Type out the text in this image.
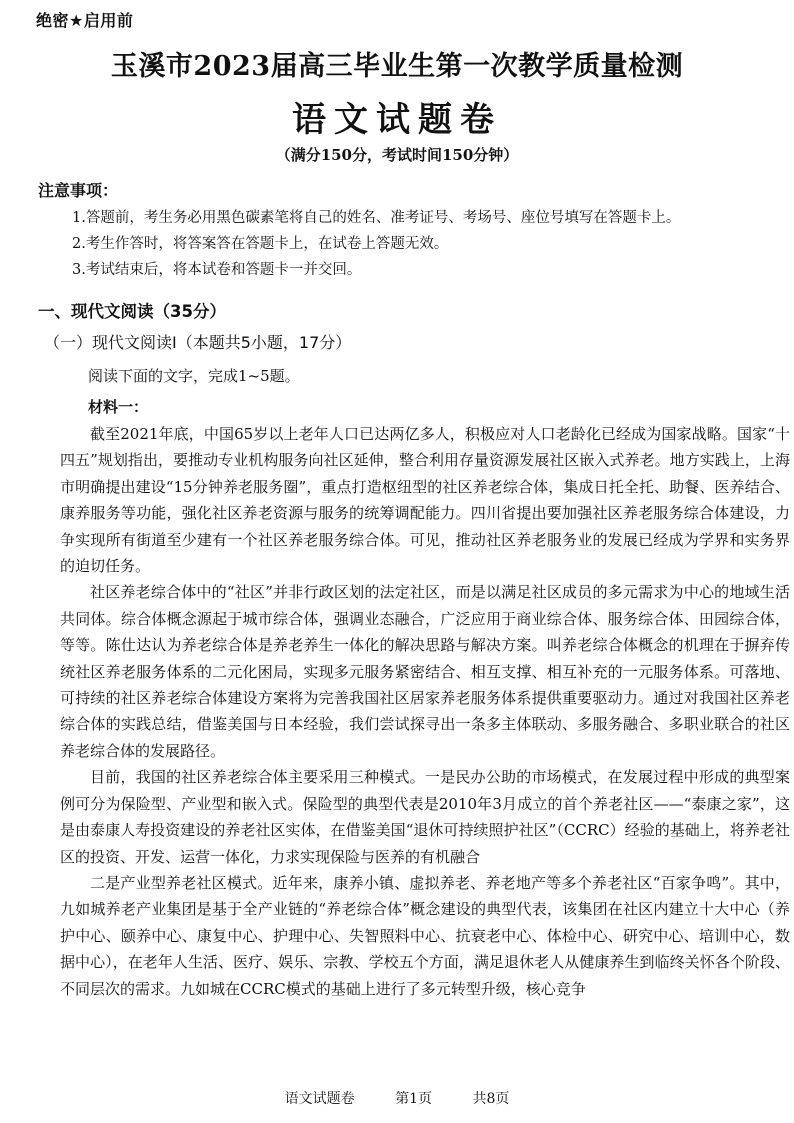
绝密★启用前
玉溪市2023届高三毕业生第一次教学质量检测
语文试题卷
（满分150分，考试时间150分钟）
注意事项：
1.答题前，考生务必用黑色碳素笔将自己的姓名、准考证号、考场号、座位号填写在答题卡上。
2.考生作答时，将答案答在答题卡上，在试卷上答题无效。
3.考试结束后，将本试卷和答题卡一并交回。
一、现代文阅读（35分）
（一）现代文阅读Ⅰ（本题共5小题，17分）
阅读下面的文字，完成1~5题。
材料一：

截至2021年底，中国65岁以上老年人口已达两亿多人，积极应对人口老龄化已经成为国家战略。国家“十四五”规划指出，要推动专业机构服务向社区延伸，整合利用存量资源发展社区嵌入式养老。地方实践上，上海市明确提出建设“15分钟养老服务圈”，重点打造枢纽型的社区养老综合体，集成日托全托、助餐、医养结合、康养服务等功能，强化社区养老资源与服务的统筹调配能力。四川省提出要加强社区养老服务综合体建设，力争实现所有街道至少建有一个社区养老服务综合体。可见，推动社区养老服务业的发展已经成为学界和实务界的迫切任务。

社区养老综合体中的“社区”并非行政区划的法定社区，而是以满足社区成员的多元需求为中心的地域生活共同体。综合体概念源起于城市综合体，强调业态融合，广泛应用于商业综合体、服务综合体、田园综合体，等等。陈仕达认为养老综合体是养老养生一体化的解决思路与解决方案。叫养老综合体概念的机理在于摒弃传统社区养老服务体系的二元化困局，实现多元服务紧密结合、相互支撑、相互补充的一元服务体系。可落地、可持续的社区养老综合体建设方案将为完善我国社区居家养老服务体系提供重要驱动力。通过对我国社区养老综合体的实践总结，借鉴美国与日本经验，我们尝试探寻出一条多主体联动、多服务融合、多职业联合的社区养老综合体的发展路径。

目前，我国的社区养老综合体主要采用三种模式。一是民办公助的市场模式，在发展过程中形成的典型案例可分为保险型、产业型和嵌入式。保险型的典型代表是2010年3月成立的首个养老社区——“泰康之家”，这是由泰康人寿投资建设的养老社区实体，在借鉴美国“退休可持续照护社区”（CCRC）经验的基础上，将养老社区的投资、开发、运营一体化，力求实现保险与医养的有机融合

二是产业型养老社区模式。近年来，康养小镇、虚拟养老、养老地产等多个养老社区“百家争鸣”。其中，九如城养老产业集团是基于全产业链的“养老综合体”概念建设的典型代表，该集团在社区内建立十大中心（养护中心、颐养中心、康复中心、护理中心、失智照料中心、抗衰老中心、体检中心、研究中心、培训中心，数据中心），在老年人生活、医疗、娱乐、宗教、学校五个方面，满足退休老人从健康养生到临终关怀各个阶段、不同层次的需求。九如城在CCRC模式的基础上进行了多元转型升级，核心竞争

语文试题卷	第1页	共8页
